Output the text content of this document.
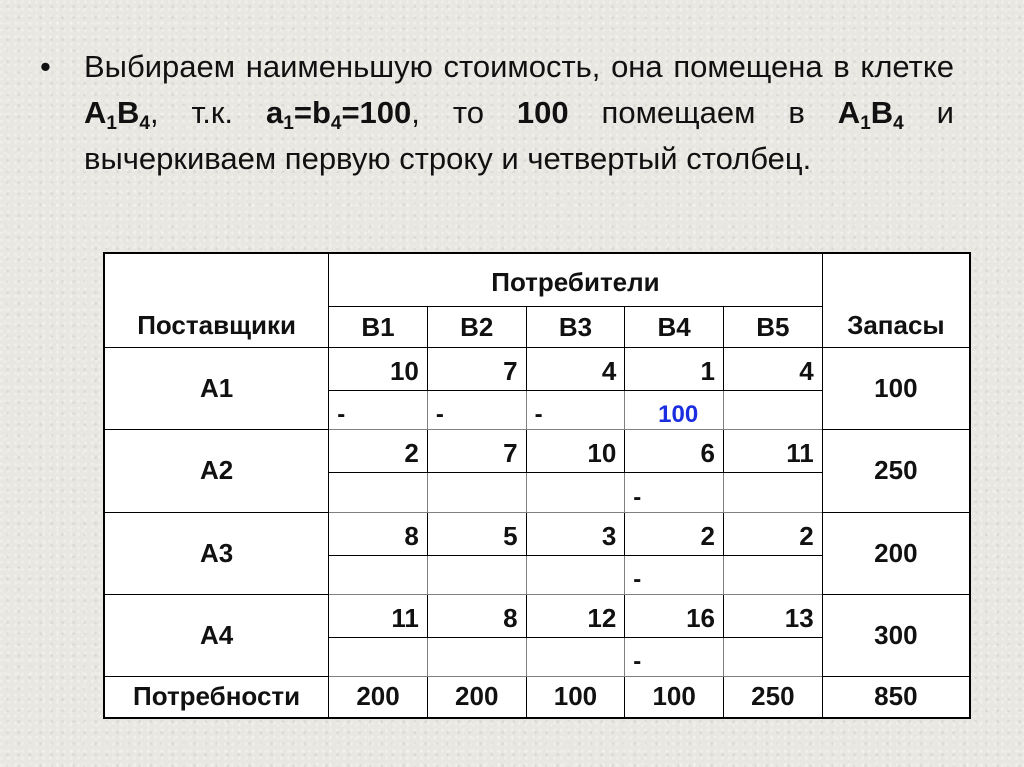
• Выбираем наименьшую стоимость, она помещена в клетке $A_1B_4$, т.к. $a_1=b_4=100$, то 100 помещаем в $A_1B_4$ и вычеркиваем первую строку и четвертый столбец.
Поставщики	Потребители					Запасы
	B1	B2	B3	B4	B5	
A1	10	7	4	1	4	100
	-	-	-	100		
A2	2	7	10	6	11	250
				-		
A3	8	5	3	2	2	200
				-		
A4	11	8	12	16	13	300
				-		
Потребности	200	200	100	100	250	850
